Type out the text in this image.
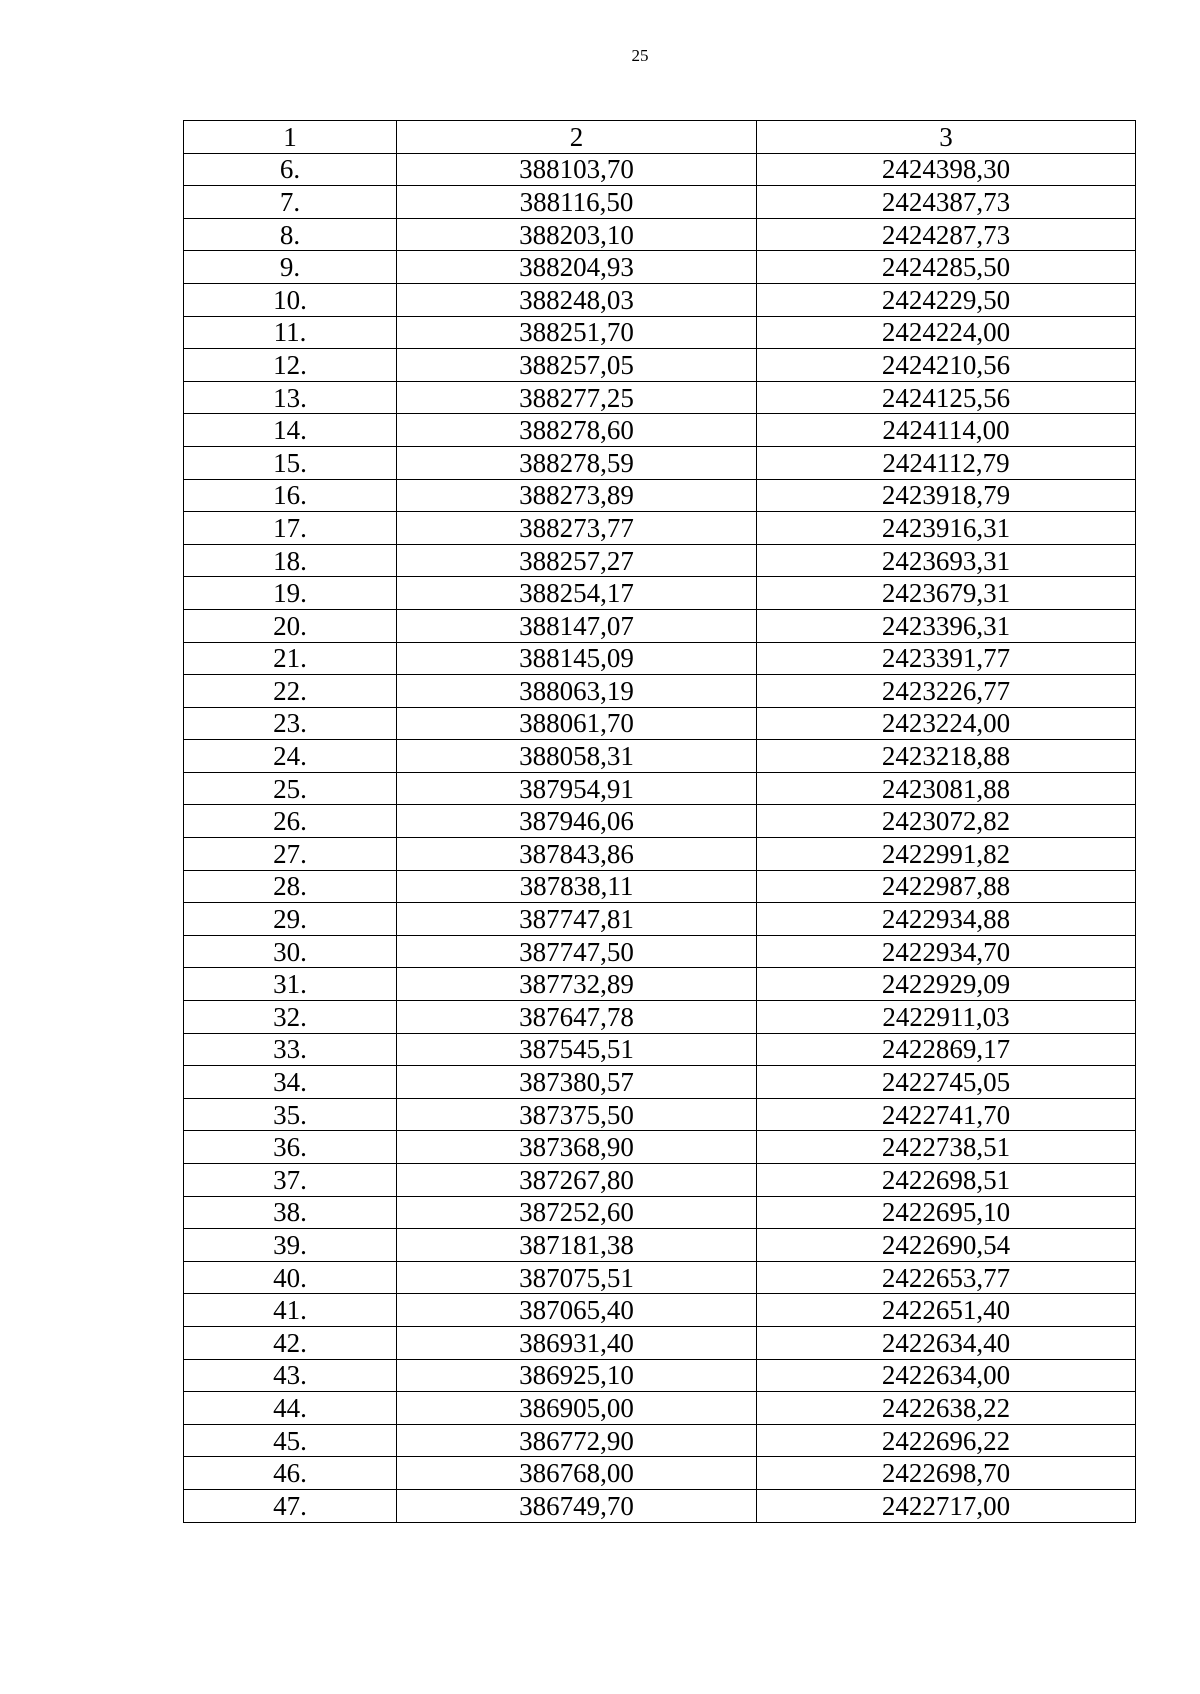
25
1	2	3
6.	388103,70	2424398,30
7.	388116,50	2424387,73
8.	388203,10	2424287,73
9.	388204,93	2424285,50
10.	388248,03	2424229,50
11.	388251,70	2424224,00
12.	388257,05	2424210,56
13.	388277,25	2424125,56
14.	388278,60	2424114,00
15.	388278,59	2424112,79
16.	388273,89	2423918,79
17.	388273,77	2423916,31
18.	388257,27	2423693,31
19.	388254,17	2423679,31
20.	388147,07	2423396,31
21.	388145,09	2423391,77
22.	388063,19	2423226,77
23.	388061,70	2423224,00
24.	388058,31	2423218,88
25.	387954,91	2423081,88
26.	387946,06	2423072,82
27.	387843,86	2422991,82
28.	387838,11	2422987,88
29.	387747,81	2422934,88
30.	387747,50	2422934,70
31.	387732,89	2422929,09
32.	387647,78	2422911,03
33.	387545,51	2422869,17
34.	387380,57	2422745,05
35.	387375,50	2422741,70
36.	387368,90	2422738,51
37.	387267,80	2422698,51
38.	387252,60	2422695,10
39.	387181,38	2422690,54
40.	387075,51	2422653,77
41.	387065,40	2422651,40
42.	386931,40	2422634,40
43.	386925,10	2422634,00
44.	386905,00	2422638,22
45.	386772,90	2422696,22
46.	386768,00	2422698,70
47.	386749,70	2422717,00
